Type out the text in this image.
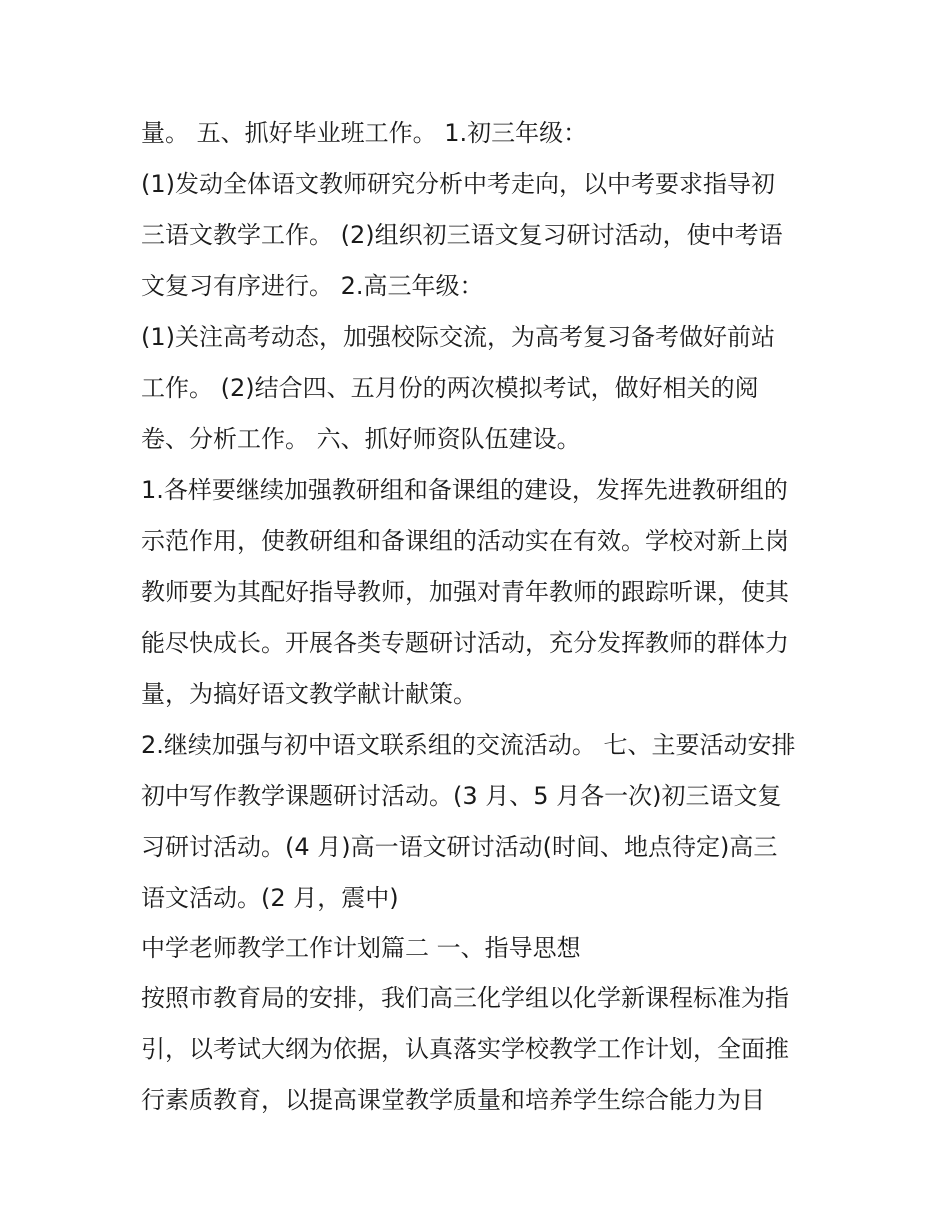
量。 五、抓好毕业班工作。 1.初三年级：
(1)发动全体语文教师研究分析中考走向，以中考要求指导初
三语文教学工作。 (2)组织初三语文复习研讨活动，使中考语
文复习有序进行。 2.高三年级：
(1)关注高考动态，加强校际交流，为高考复习备考做好前站
工作。 (2)结合四、五月份的两次模拟考试，做好相关的阅
卷、分析工作。 六、抓好师资队伍建设。
1.各样要继续加强教研组和备课组的建设，发挥先进教研组的
示范作用，使教研组和备课组的活动实在有效。学校对新上岗
教师要为其配好指导教师，加强对青年教师的跟踪听课，使其
能尽快成长。开展各类专题研讨活动，充分发挥教师的群体力
量，为搞好语文教学献计献策。
2.继续加强与初中语文联系组的交流活动。 七、主要活动安排
初中写作教学课题研讨活动。(3 月、5 月各一次)初三语文复
习研讨活动。(4 月)高一语文研讨活动(时间、地点待定)高三
语文活动。(2 月，震中)
中学老师教学工作计划篇二 一、指导思想
按照市教育局的安排，我们高三化学组以化学新课程标准为指
引，以考试大纲为依据，认真落实学校教学工作计划，全面推
行素质教育，以提高课堂教学质量和培养学生综合能力为目
